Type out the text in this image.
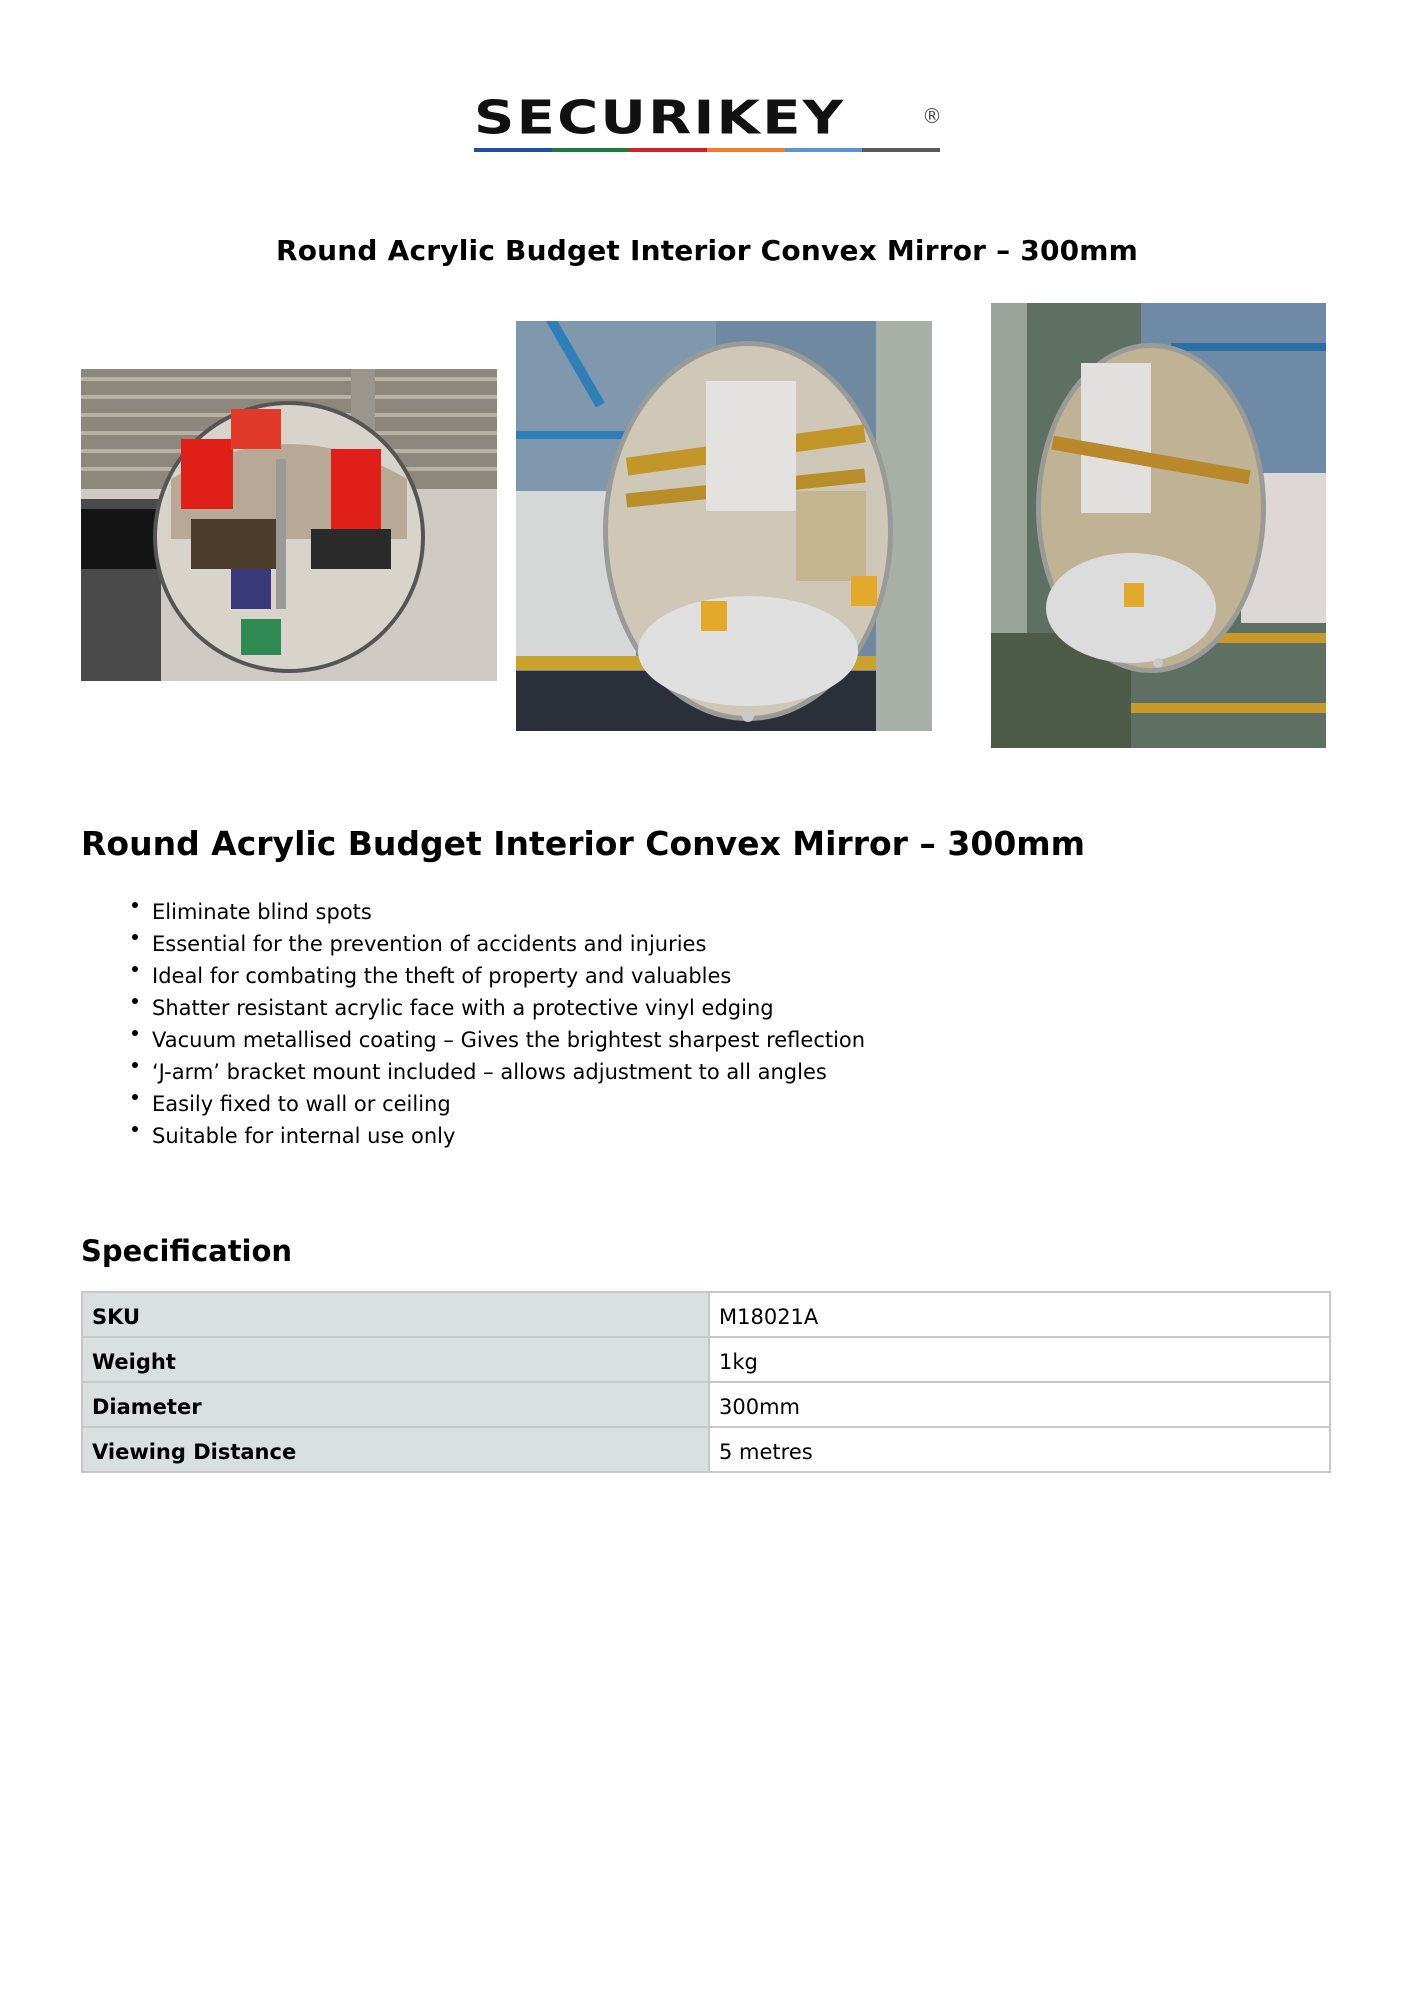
SECURIKEY	®
Round Acrylic Budget Interior Convex Mirror – 300mm
Round Acrylic Budget Interior Convex Mirror – 300mm
Eliminate blind spots
Essential for the prevention of accidents and injuries
Ideal for combating the theft of property and valuables
Shatter resistant acrylic face with a protective vinyl edging
Vacuum metallised coating – Gives the brightest sharpest reflection
‘J-arm’ bracket mount included – allows adjustment to all angles
Easily fixed to wall or ceiling
Suitable for internal use only
Specification
SKU	M18021A
Weight	1kg
Diameter	300mm
Viewing Distance	5 metres
